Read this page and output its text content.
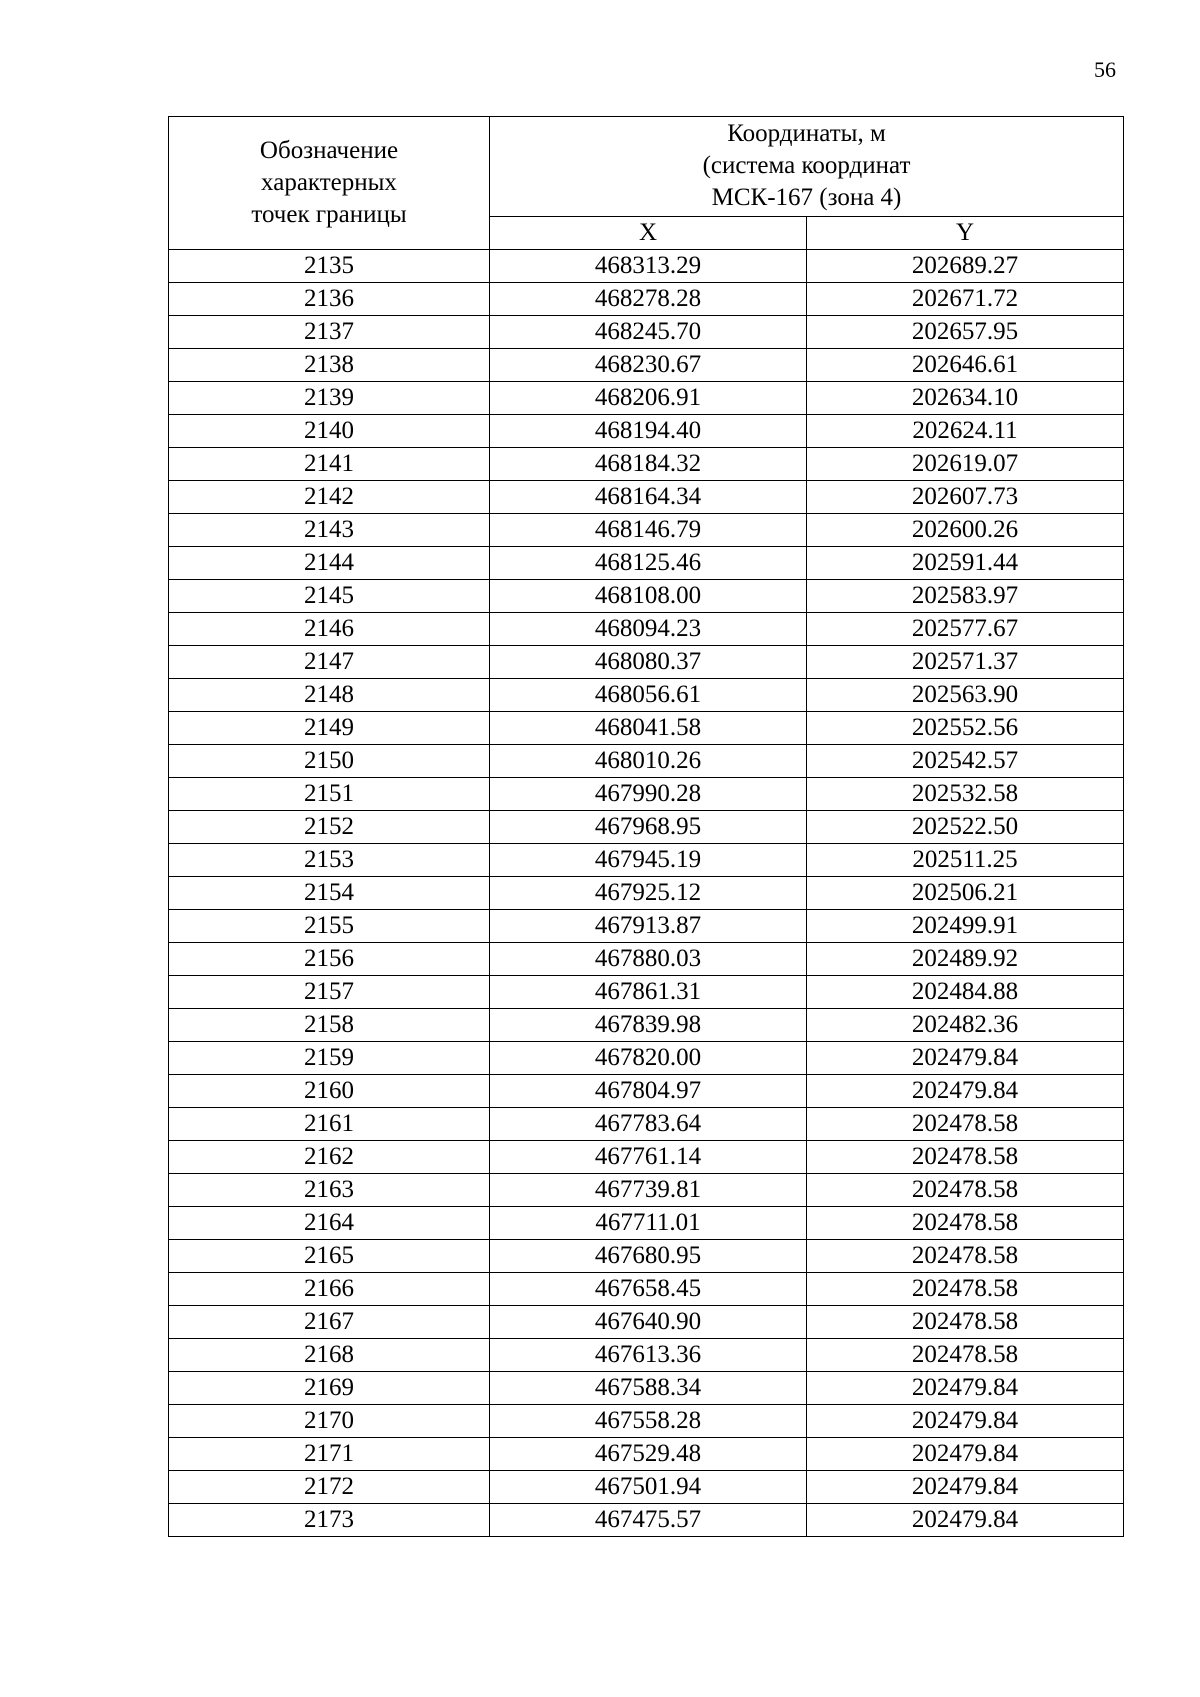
56
Обозначение
характерных
точек границы	Координаты, м
(система координат
МСК-167 (зона 4)	

	X	Y
2135	468313.29	202689.27
2136	468278.28	202671.72
2137	468245.70	202657.95
2138	468230.67	202646.61
2139	468206.91	202634.10
2140	468194.40	202624.11
2141	468184.32	202619.07
2142	468164.34	202607.73
2143	468146.79	202600.26
2144	468125.46	202591.44
2145	468108.00	202583.97
2146	468094.23	202577.67
2147	468080.37	202571.37
2148	468056.61	202563.90
2149	468041.58	202552.56
2150	468010.26	202542.57
2151	467990.28	202532.58
2152	467968.95	202522.50
2153	467945.19	202511.25
2154	467925.12	202506.21
2155	467913.87	202499.91
2156	467880.03	202489.92
2157	467861.31	202484.88
2158	467839.98	202482.36
2159	467820.00	202479.84
2160	467804.97	202479.84
2161	467783.64	202478.58
2162	467761.14	202478.58
2163	467739.81	202478.58
2164	467711.01	202478.58
2165	467680.95	202478.58
2166	467658.45	202478.58
2167	467640.90	202478.58
2168	467613.36	202478.58
2169	467588.34	202479.84
2170	467558.28	202479.84
2171	467529.48	202479.84
2172	467501.94	202479.84
2173	467475.57	202479.84
